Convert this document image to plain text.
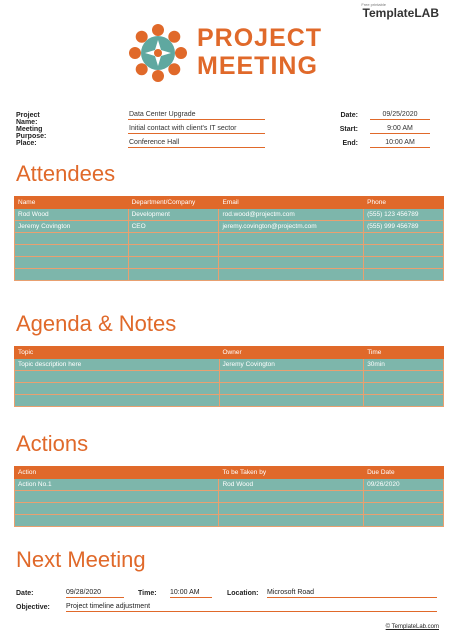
Free printable
TemplateLAB
PROJECT
MEETING
Project Name:
Data Center Upgrade
Meeting Purpose:
Initial contact with client's IT sector
Place:	Conference Hall
Date:	09/25/2020
Start:	9:00 AM
End:	10:00 AM
Attendees
Name	Department/Company	Email	Phone
Rod Wood	Development	rod.wood@projectm.com	(555) 123 456789
Jeremy Covington	CEO	jeremy.covington@projectm.com	(555) 999 456789

Agenda & Notes
Topic	Owner	Time
Topic description here	Jeremy Covington	30min

Actions
Action	To be Taken by	Due Date
Action No.1	Rod Wood	09/26/2020

Next Meeting
Date:	09/28/2020	Time: 10:00 AM	Location: Microsoft Road
Objective: Project timeline adjustment
© TemplateLab.com
